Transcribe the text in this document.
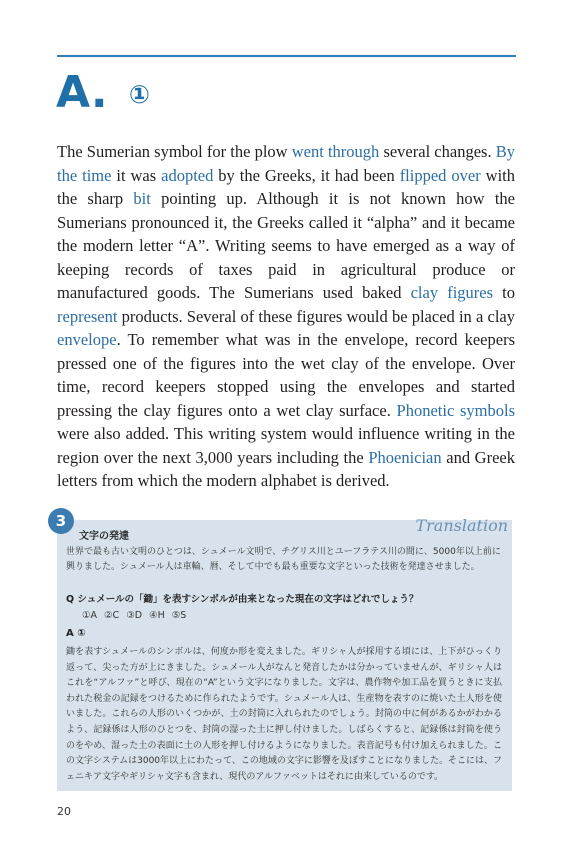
A. ①

The Sumerian symbol for the plow went through several changes. By the time it was adopted by the Greeks, it had been flipped over with the sharp bit pointing up. Although it is not known how the Sumerians pronounced it, the Greeks called it “alpha” and it became the modern letter “A”. Writing seems to have emerged as a way of keeping records of taxes paid in agricultural produce or manufactured goods. The Sumerians used baked clay figures to represent products. Several of these figures would be placed in a clay envelope. To remember what was in the envelope, record keepers pressed one of the figures into the wet clay of the envelope. Over time, record keepers stopped using the envelopes and started pressing the clay figures onto a wet clay surface. Phonetic symbols were also added. This writing system would influence writing in the region over the next 3,000 years including the Phoenician and Greek letters from which the modern alphabet is derived.

3	Translation
文字の発達
世界で最も古い文明のひとつは、シュメール文明で、チグリス川とユーフラテス川の間に、5000年以上前に興りました。シュメール人は車輪、暦、そして中でも最も重要な文字といった技術を発達させました。
Q シュメールの「鋤」を表すシンボルが由来となった現在の文字はどれでしょう？
①A ②C ③D ④H ⑤S
A ①
鋤を表すシュメールのシンボルは、何度か形を変えました。ギリシャ人が採用する頃には、上下がひっくり返って、尖った方が上にきました。シュメール人がなんと発音したかは分かっていませんが、ギリシャ人はこれを“アルファ”と呼び、現在の“A”という文字になりました。文字は、農作物や加工品を買うときに支払われた税金の記録をつけるために作られたようです。シュメール人は、生産物を表すのに焼いた土人形を使いました。これらの人形のいくつかが、土の封筒に入れられたのでしょう。封筒の中に何があるかがわかるよう、記録係は人形のひとつを、封筒の湿った土に押し付けました。しばらくすると、記録係は封筒を使うのをやめ、湿った土の表面に土の人形を押し付けるようになりました。表音記号も付け加えられました。この文字システムは3000年以上にわたって、この地域の文字に影響を及ぼすことになりました。そこには、フェニキア文字やギリシャ文字も含まれ、現代のアルファベットはそれに由来しているのです。
20
